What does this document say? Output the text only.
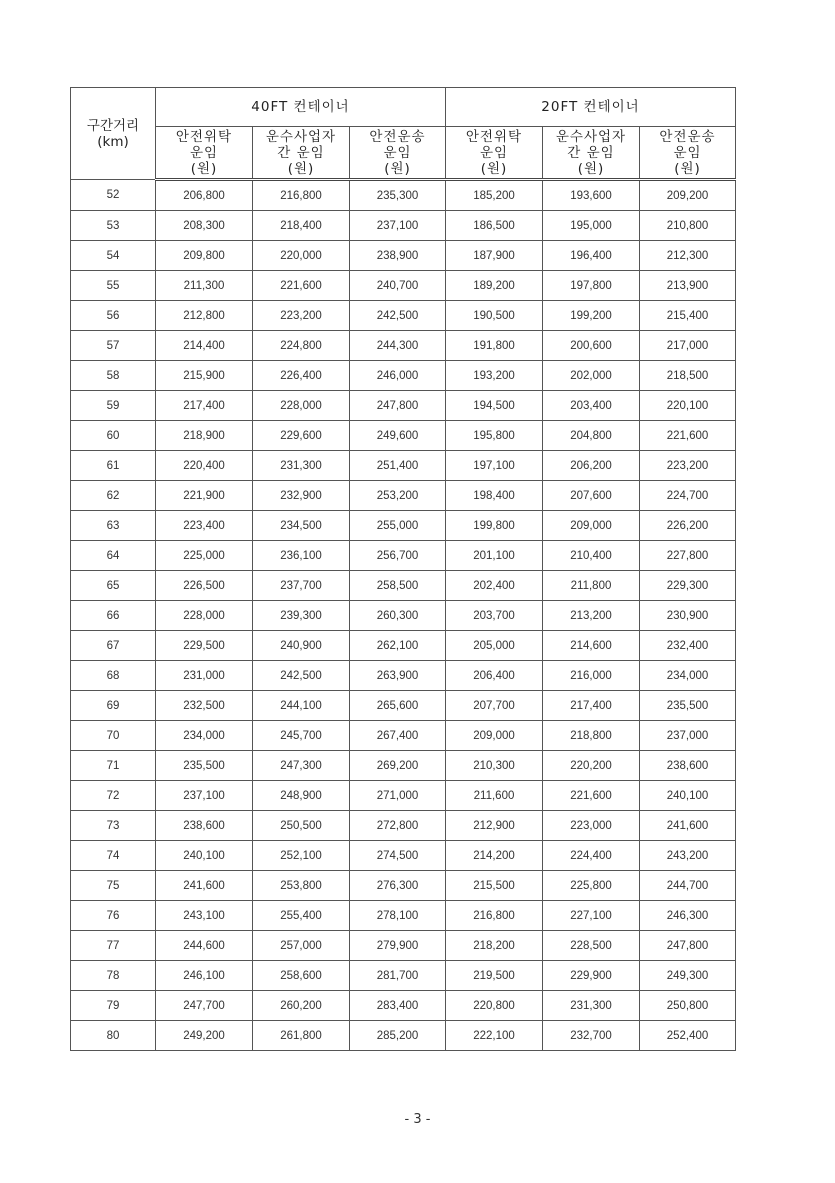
구간거리
(km)	40FT 컨테이너			20FT 컨테이너		

	안전위탁
운임
(원)	운수사업자
간 운임
(원)	안전운송
운임
(원)	안전위탁
운임
(원)	운수사업자
간 운임
(원)	안전운송
운임
(원)

52	206,800	216,800	235,300	185,200	193,600	209,200
53	208,300	218,400	237,100	186,500	195,000	210,800
54	209,800	220,000	238,900	187,900	196,400	212,300
55	211,300	221,600	240,700	189,200	197,800	213,900
56	212,800	223,200	242,500	190,500	199,200	215,400
57	214,400	224,800	244,300	191,800	200,600	217,000
58	215,900	226,400	246,000	193,200	202,000	218,500
59	217,400	228,000	247,800	194,500	203,400	220,100
60	218,900	229,600	249,600	195,800	204,800	221,600
61	220,400	231,300	251,400	197,100	206,200	223,200
62	221,900	232,900	253,200	198,400	207,600	224,700
63	223,400	234,500	255,000	199,800	209,000	226,200
64	225,000	236,100	256,700	201,100	210,400	227,800
65	226,500	237,700	258,500	202,400	211,800	229,300
66	228,000	239,300	260,300	203,700	213,200	230,900
67	229,500	240,900	262,100	205,000	214,600	232,400
68	231,000	242,500	263,900	206,400	216,000	234,000
69	232,500	244,100	265,600	207,700	217,400	235,500
70	234,000	245,700	267,400	209,000	218,800	237,000
71	235,500	247,300	269,200	210,300	220,200	238,600
72	237,100	248,900	271,000	211,600	221,600	240,100
73	238,600	250,500	272,800	212,900	223,000	241,600
74	240,100	252,100	274,500	214,200	224,400	243,200
75	241,600	253,800	276,300	215,500	225,800	244,700
76	243,100	255,400	278,100	216,800	227,100	246,300
77	244,600	257,000	279,900	218,200	228,500	247,800
78	246,100	258,600	281,700	219,500	229,900	249,300
79	247,700	260,200	283,400	220,800	231,300	250,800
80	249,200	261,800	285,200	222,100	232,700	252,400
- 3 -
